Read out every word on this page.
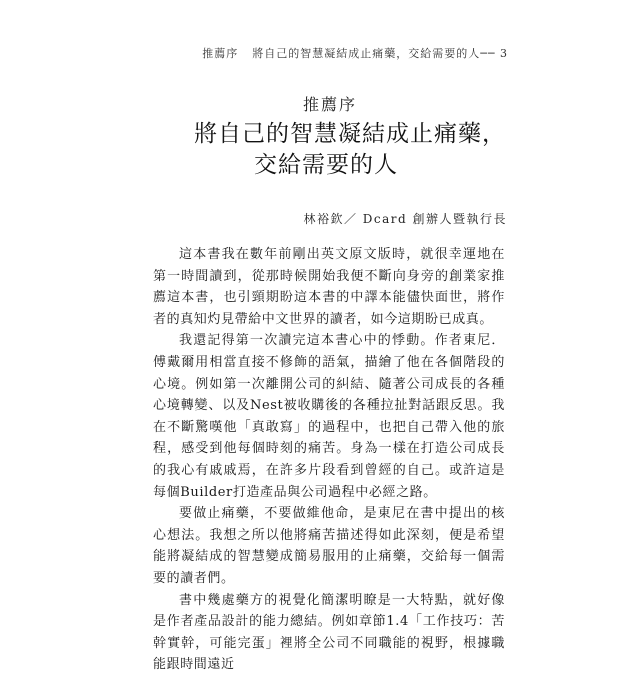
推薦序 將自己的智慧凝結成止痛藥，交給需要的人── 3
推薦序
將自己的智慧凝結成止痛藥，
交給需要的人
林裕欽／ Dcard 創辦人暨執行長

這本書我在數年前剛出英文原文版時，就很幸運地在第一時間讀到，從那時候開始我便不斷向身旁的創業家推薦這本書，也引頸期盼這本書的中譯本能儘快面世，將作者的真知灼見帶給中文世界的讀者，如今這期盼已成真。

我還記得第一次讀完這本書心中的悸動。作者東尼．傅戴爾用相當直接不修飾的語氣，描繪了他在各個階段的心境。例如第一次離開公司的糾結、隨著公司成長的各種心境轉變、以及Nest被收購後的各種拉扯對話跟反思。我在不斷驚嘆他「真敢寫」的過程中，也把自己帶入他的旅程，感受到他每個時刻的痛苦。身為一樣在打造公司成長的我心有戚戚焉，在許多片段看到曾經的自己。或許這是每個Builder打造產品與公司過程中必經之路。

要做止痛藥，不要做維他命，是東尼在書中提出的核心想法。我想之所以他將痛苦描述得如此深刻，便是希望能將凝結成的智慧變成簡易服用的止痛藥，交給每一個需要的讀者們。

書中幾處藥方的視覺化簡潔明瞭是一大特點，就好像是作者產品設計的能力總結。例如章節1.4「工作技巧：苦幹實幹，可能完蛋」裡將全公司不同職能的視野，根據職能跟時間遠近
